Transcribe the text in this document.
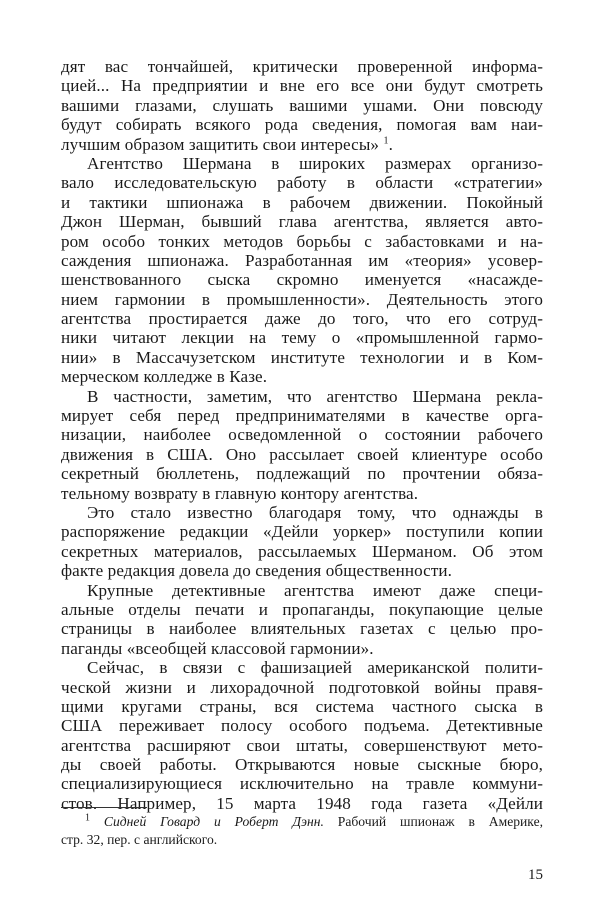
дят вас тончайшей, критически проверенной информа-
цией... На предприятии и вне его все они будут смотреть
вашими глазами, слушать вашими ушами. Они повсюду
будут собирать всякого рода сведения, помогая вам наи-
лучшим образом защитить свои интересы» $^1$.
Агентство Шермана в широких размерах организо-
вало исследовательскую работу в области «стратегии»
и тактики шпионажа в рабочем движении. Покойный
Джон Шерман, бывший глава агентства, является авто-
ром особо тонких методов борьбы с забастовками и на-
саждения шпионажа. Разработанная им «теория» усовер-
шенствованного сыска скромно именуется «насажде-
нием гармонии в промышленности». Деятельность этого
агентства простирается даже до того, что его сотруд-
ники читают лекции на тему о «промышленной гармо-
нии» в Массачузетском институте технологии и в Ком-
мерческом колледже в Казе.
В частности, заметим, что агентство Шермана рекла-
мирует себя перед предпринимателями в качестве орга-
низации, наиболее осведомленной о состоянии рабочего
движения в США. Оно рассылает своей клиентуре особо
секретный бюллетень, подлежащий по прочтении обяза-
тельному возврату в главную контору агентства.
Это стало известно благодаря тому, что однажды в
распоряжение редакции «Дейли уоркер» поступили копии
секретных материалов, рассылаемых Шерманом. Об этом
факте редакция довела до сведения общественности.
Крупные детективные агентства имеют даже специ-
альные отделы печати и пропаганды, покупающие целые
страницы в наиболее влиятельных газетах с целью про-
паганды «всеобщей классовой гармонии».
Сейчас, в связи с фашизацией американской полити-
ческой жизни и лихорадочной подготовкой войны правя-
щими кругами страны, вся система частного сыска в
США переживает полосу особого подъема. Детективные
агентства расширяют свои штаты, совершенствуют мето-
ды своей работы. Открываются новые сыскные бюро,
специализирующиеся исключительно на травле коммуни-
стов. Например, 15 марта 1948 года газета «Дейли
$^1$ Сидней Говард и Роберт Дэнн. Рабочий шпионаж в Америке,
стр. 32, пер. с английского.
15
